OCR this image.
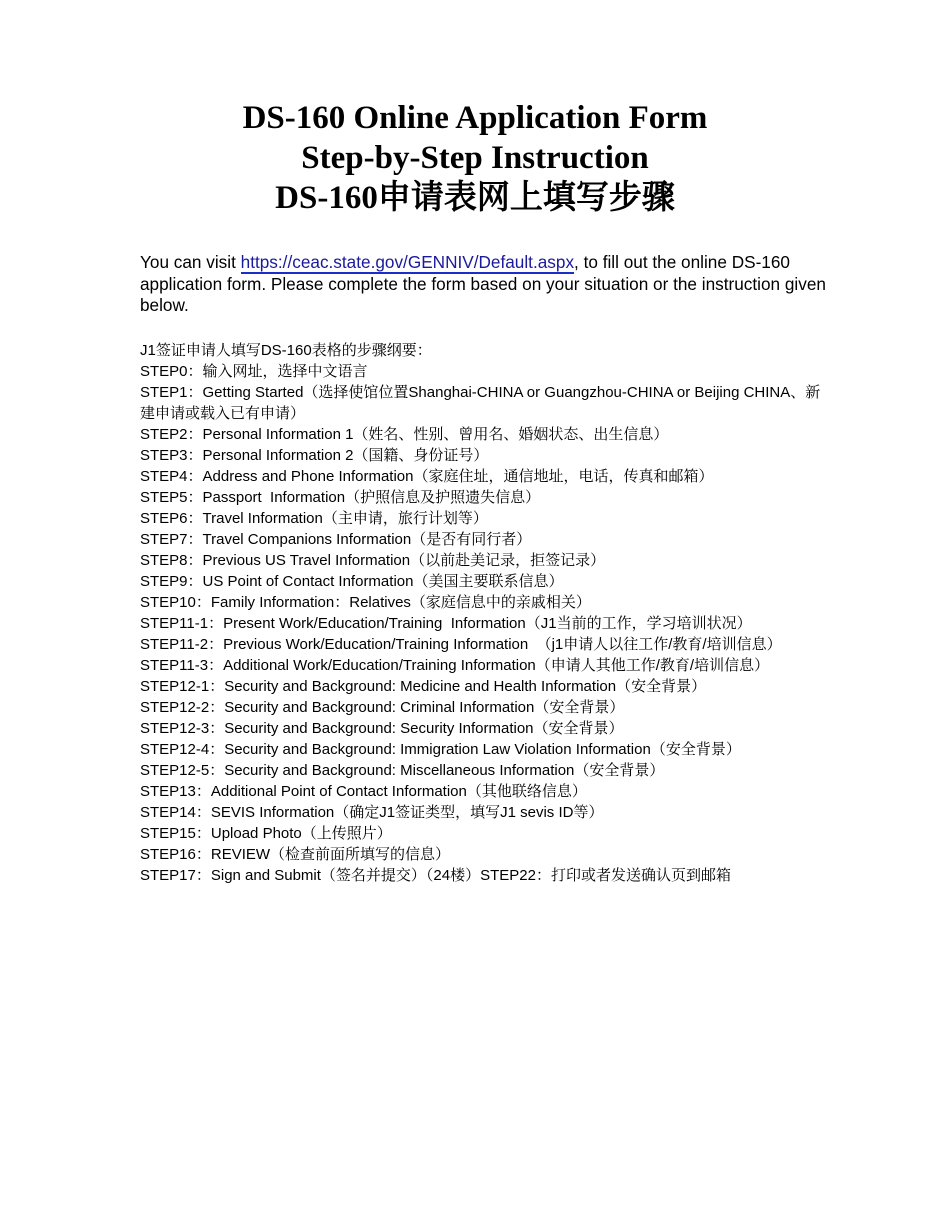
DS-160 Online Application Form
Step-by-Step Instruction
DS-160申请表网上填写步骤

You can visit https://ceac.state.gov/GENNIV/Default.aspx, to fill out the online DS-160 application form. Please complete the form based on your situation or the instruction given below.

J1签证申请人填写DS-160表格的步骤纲要：
STEP0：输入网址，选择中文语言
STEP1：Getting Started（选择使馆位置Shanghai-CHINA or Guangzhou-CHINA or Beijing CHINA、新建申请或载入已有申请）
STEP2：Personal Information 1（姓名、性别、曾用名、婚姻状态、出生信息）
STEP3：Personal Information 2（国籍、身份证号）
STEP4：Address and Phone Information（家庭住址，通信地址，电话，传真和邮箱）
STEP5：Passport  Information（护照信息及护照遗失信息）
STEP6：Travel Information（主申请，旅行计划等）
STEP7：Travel Companions Information（是否有同行者）
STEP8：Previous US Travel Information（以前赴美记录，拒签记录）
STEP9：US Point of Contact Information（美国主要联系信息）
STEP10：Family Information：Relatives（家庭信息中的亲戚相关）
STEP11-1：Present Work/Education/Training  Information（J1当前的工作，学习培训状况）
STEP11-2：Previous Work/Education/Training Information  （j1申请人以往工作/教育/培训信息）
STEP11-3：Additional Work/Education/Training Information（申请人其他工作/教育/培训信息）
STEP12-1：Security and Background: Medicine and Health Information（安全背景）
STEP12-2：Security and Background: Criminal Information（安全背景）
STEP12-3：Security and Background: Security Information（安全背景）
STEP12-4：Security and Background: Immigration Law Violation Information（安全背景）
STEP12-5：Security and Background: Miscellaneous Information（安全背景）
STEP13：Additional Point of Contact Information（其他联络信息）
STEP14：SEVIS Information（确定J1签证类型，填写J1 sevis ID等）
STEP15：Upload Photo（上传照片）
STEP16：REVIEW（检查前面所填写的信息）
STEP17：Sign and Submit（签名并提交）（24楼）STEP22：打印或者发送确认页到邮箱
